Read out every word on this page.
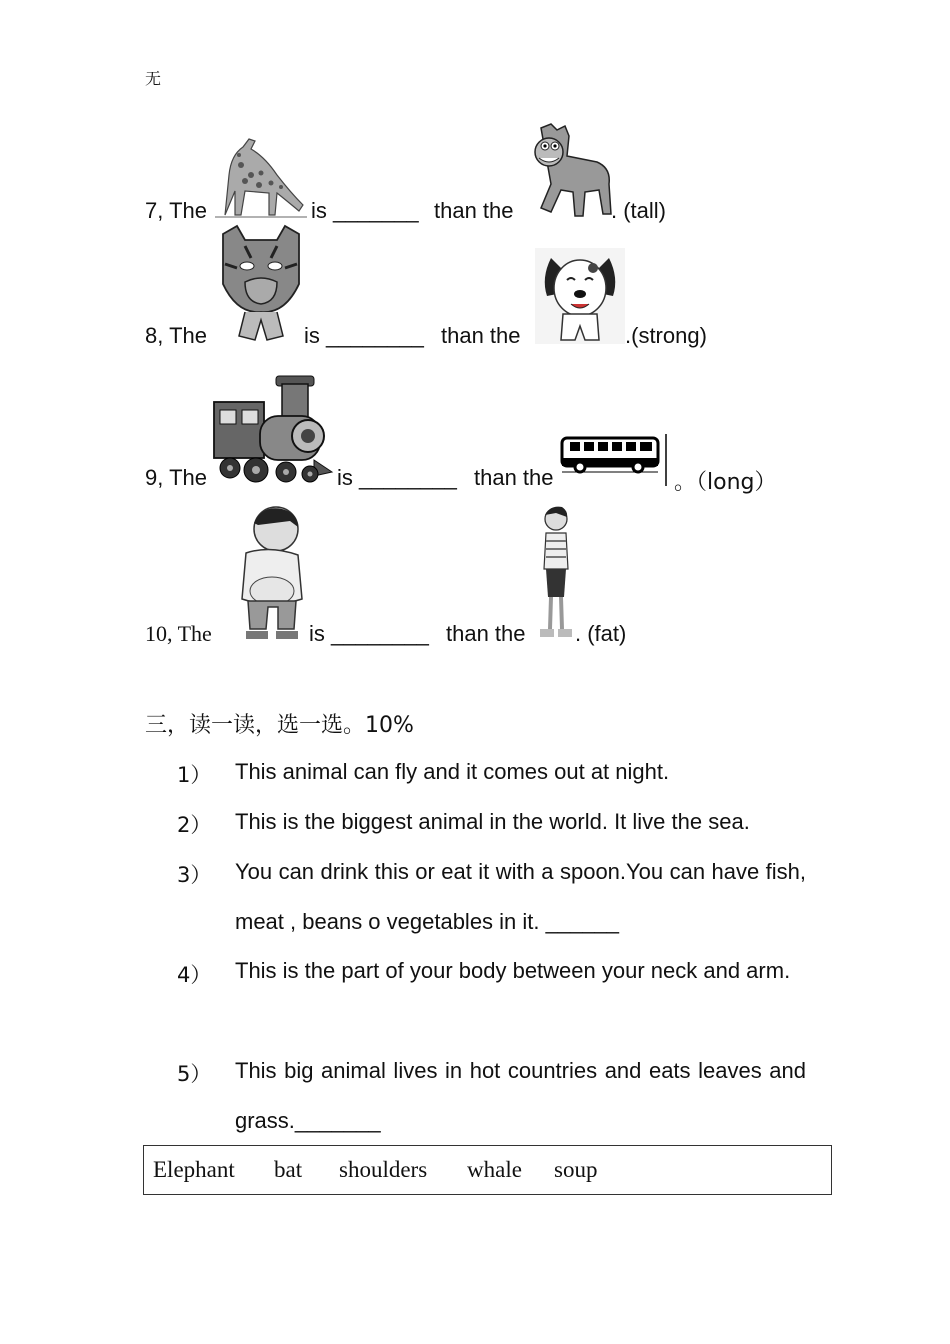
无
7, The	is _______ than the	. (tall)
8, The	is ________ than the	.(strong)
9, The	is ________ than the	。（long）
10, The	is ________ than the . (fat)
三，读一读，选一选。10%
1） This animal can fly and it comes out at night.
2） This is the biggest animal in the world. It live the sea.
3） You can drink this or eat it with a spoon.You can have fish, meat , beans o vegetables in it. ______
4） This is the part of your body between your neck and arm.
5） This big animal lives in hot countries and eats leaves and grass._______
Elephant bat shoulders whale soup
